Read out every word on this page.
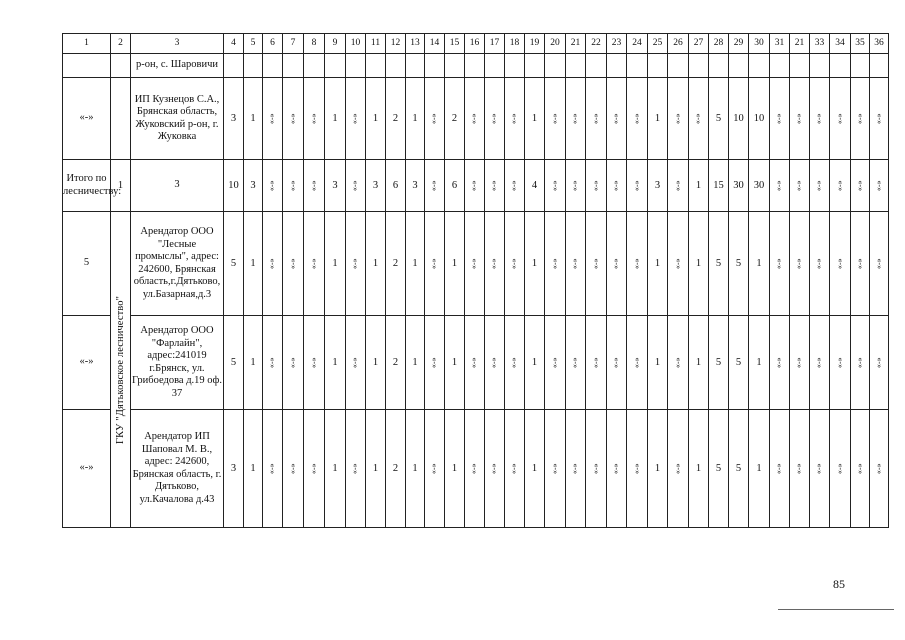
1	2	3	4	5	6	7	8	9	10	11	12	13	14	15	16	17	18	19	20	21	22	23	24	25	26	27	28	29	30	31	21	33	34	35	36
		р-он, с. Шаровичи																																	
«-»		ИП Кузнецов С.А., Брянская область, Жуковский р-он, г. Жуковка	3	1	«-»	«-»	«-»	1	«-»	1	2	1	«-»	2	«-»	«-»	«-»	1	«-»	«-»	«-»	«-»	«-»	1	«-»	«-»	5	10	10	«-»	«-»	«-»	«-»	«-»	«-»
Итого по лесничеству:	1	3	10	3	«-»	«-»	«-»	3	«-»	3	6	3	«-»	6	«-»	«-»	«-»	4	«-»	«-»	«-»	«-»	«-»	3	«-»	1	15	30	30	«-»	«-»	«-»	«-»	«-»	«-»
5	ГКУ "Дятьковское лесничество"	Арендатор ООО "Лесные промыслы", адрес: 242600, Брянская область,г.Дятьково, ул.Базарная,д.3	5	1	«-»	«-»	«-»	1	«-»	1	2	1	«-»	1	«-»	«-»	«-»	1	«-»	«-»	«-»	«-»	«-»	1	«-»	1	5	5	1	«-»	«-»	«-»	«-»	«-»	«-»
«-»		Арендатор ООО "Фарлайн", адрес:241019 г.Брянск, ул. Грибоедова д.19 оф. 37	5	1	«-»	«-»	«-»	1	«-»	1	2	1	«-»	1	«-»	«-»	«-»	1	«-»	«-»	«-»	«-»	«-»	1	«-»	1	5	5	1	«-»	«-»	«-»	«-»	«-»	«-»
«-»		Арендатор ИП Шаповал М. В., адрес: 242600, Брянская область, г. Дятьково, ул.Качалова д.43	3	1	«-»	«-»	«-»	1	«-»	1	2	1	«-»	1	«-»	«-»	«-»	1	«-»	«-»	«-»	«-»	«-»	1	«-»	1	5	5	1	«-»	«-»	«-»	«-»	«-»	«-»
85
